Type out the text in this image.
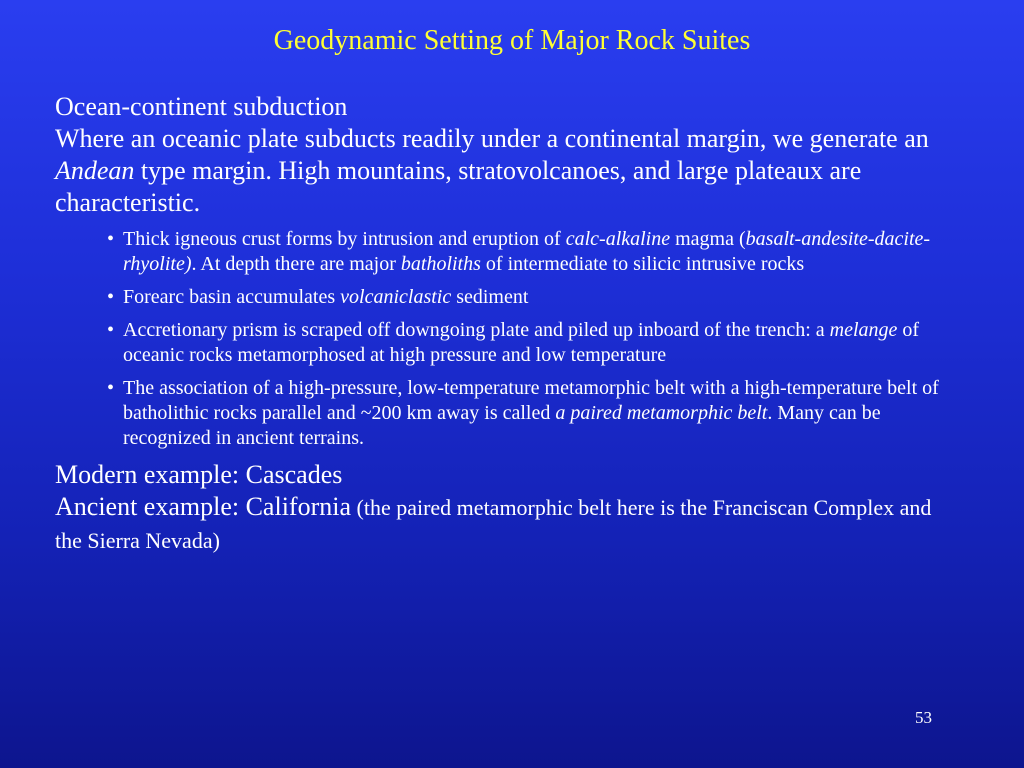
Geodynamic Setting of Major Rock Suites

Ocean-continent subduction

Where an oceanic plate subducts readily under a continental margin, we generate an Andean type margin. High mountains, stratovolcanoes, and large plateaux are characteristic.

• Thick igneous crust forms by intrusion and eruption of calc-alkaline magma (basalt-andesite-dacite-rhyolite). At depth there are major batholiths of intermediate to silicic intrusive rocks
• Forearc basin accumulates volcaniclastic sediment
• Accretionary prism is scraped off downgoing plate and piled up inboard of the trench: a melange of oceanic rocks metamorphosed at high pressure and low temperature
• The association of a high-pressure, low-temperature metamorphic belt with a high-temperature belt of batholithic rocks parallel and ~200 km away is called a paired metamorphic belt. Many can be recognized in ancient terrains.

Modern example: Cascades

Ancient example: California (the paired metamorphic belt here is the Franciscan Complex and the Sierra Nevada)

53
